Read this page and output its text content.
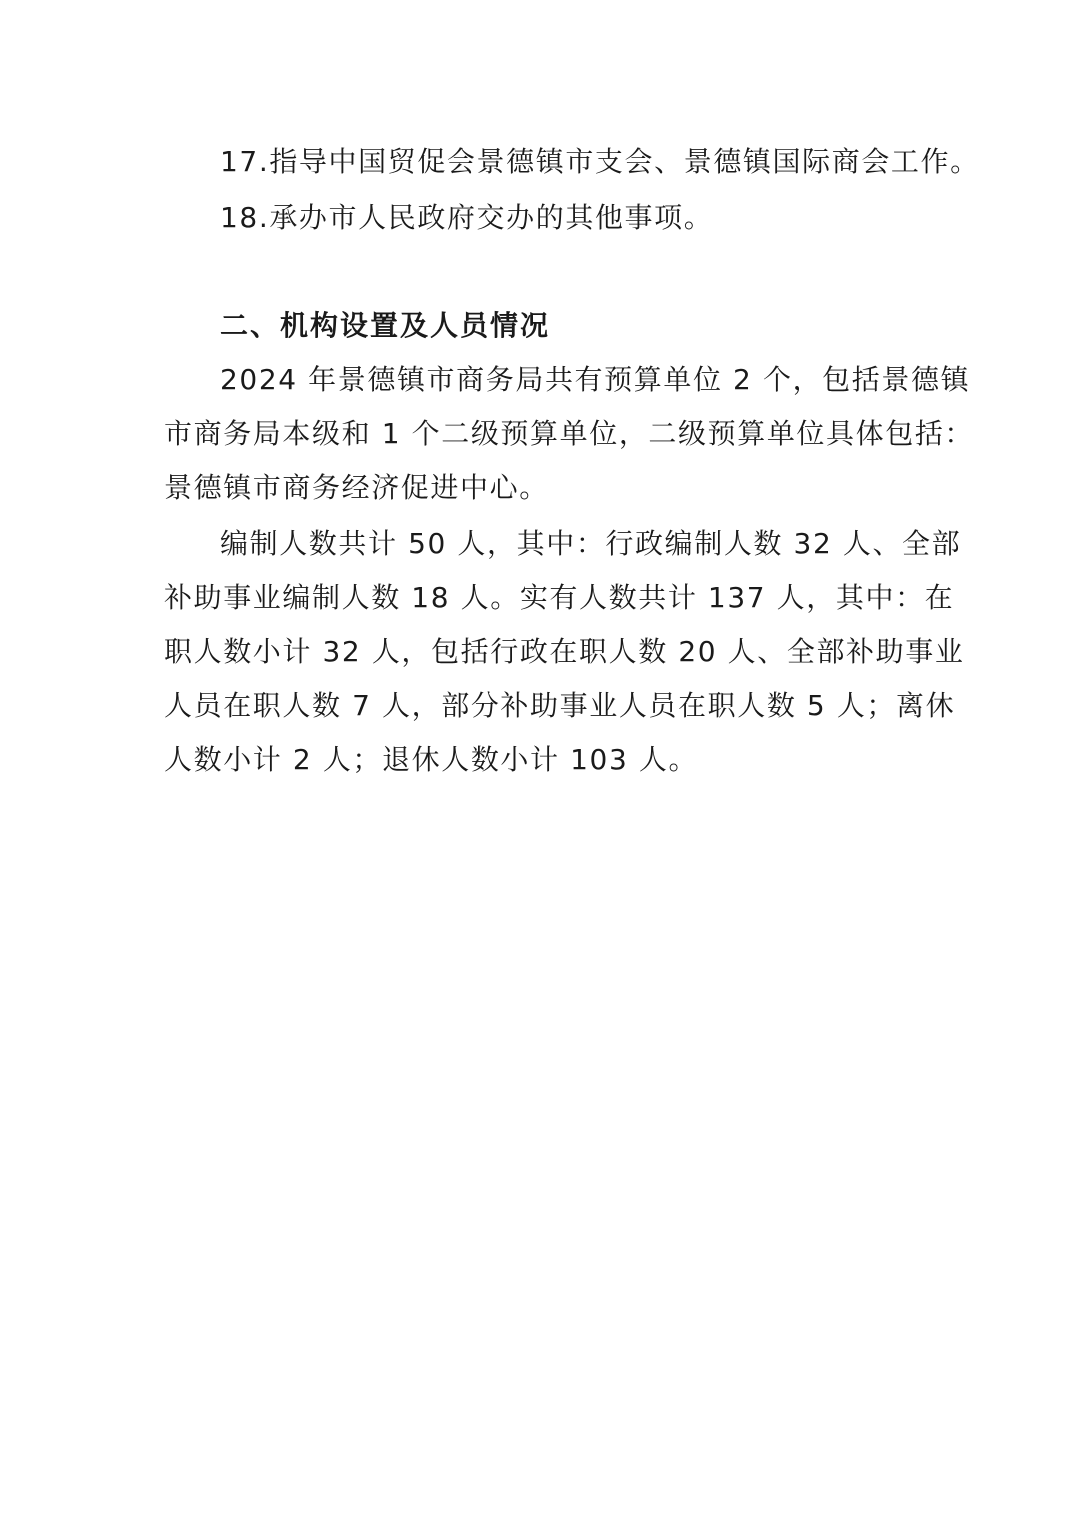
17.指导中国贸促会景德镇市支会、景德镇国际商会工作。
18.承办市人民政府交办的其他事项。
二、机构设置及人员情况
2024 年景德镇市商务局共有预算单位 2 个，包括景德镇
市商务局本级和 1 个二级预算单位，二级预算单位具体包括：
景德镇市商务经济促进中心。
编制人数共计 50 人，其中：行政编制人数 32 人、全部
补助事业编制人数 18 人。实有人数共计 137 人，其中：在
职人数小计 32 人，包括行政在职人数 20 人、全部补助事业
人员在职人数 7 人，部分补助事业人员在职人数 5 人；离休
人数小计 2 人；退休人数小计 103 人。
